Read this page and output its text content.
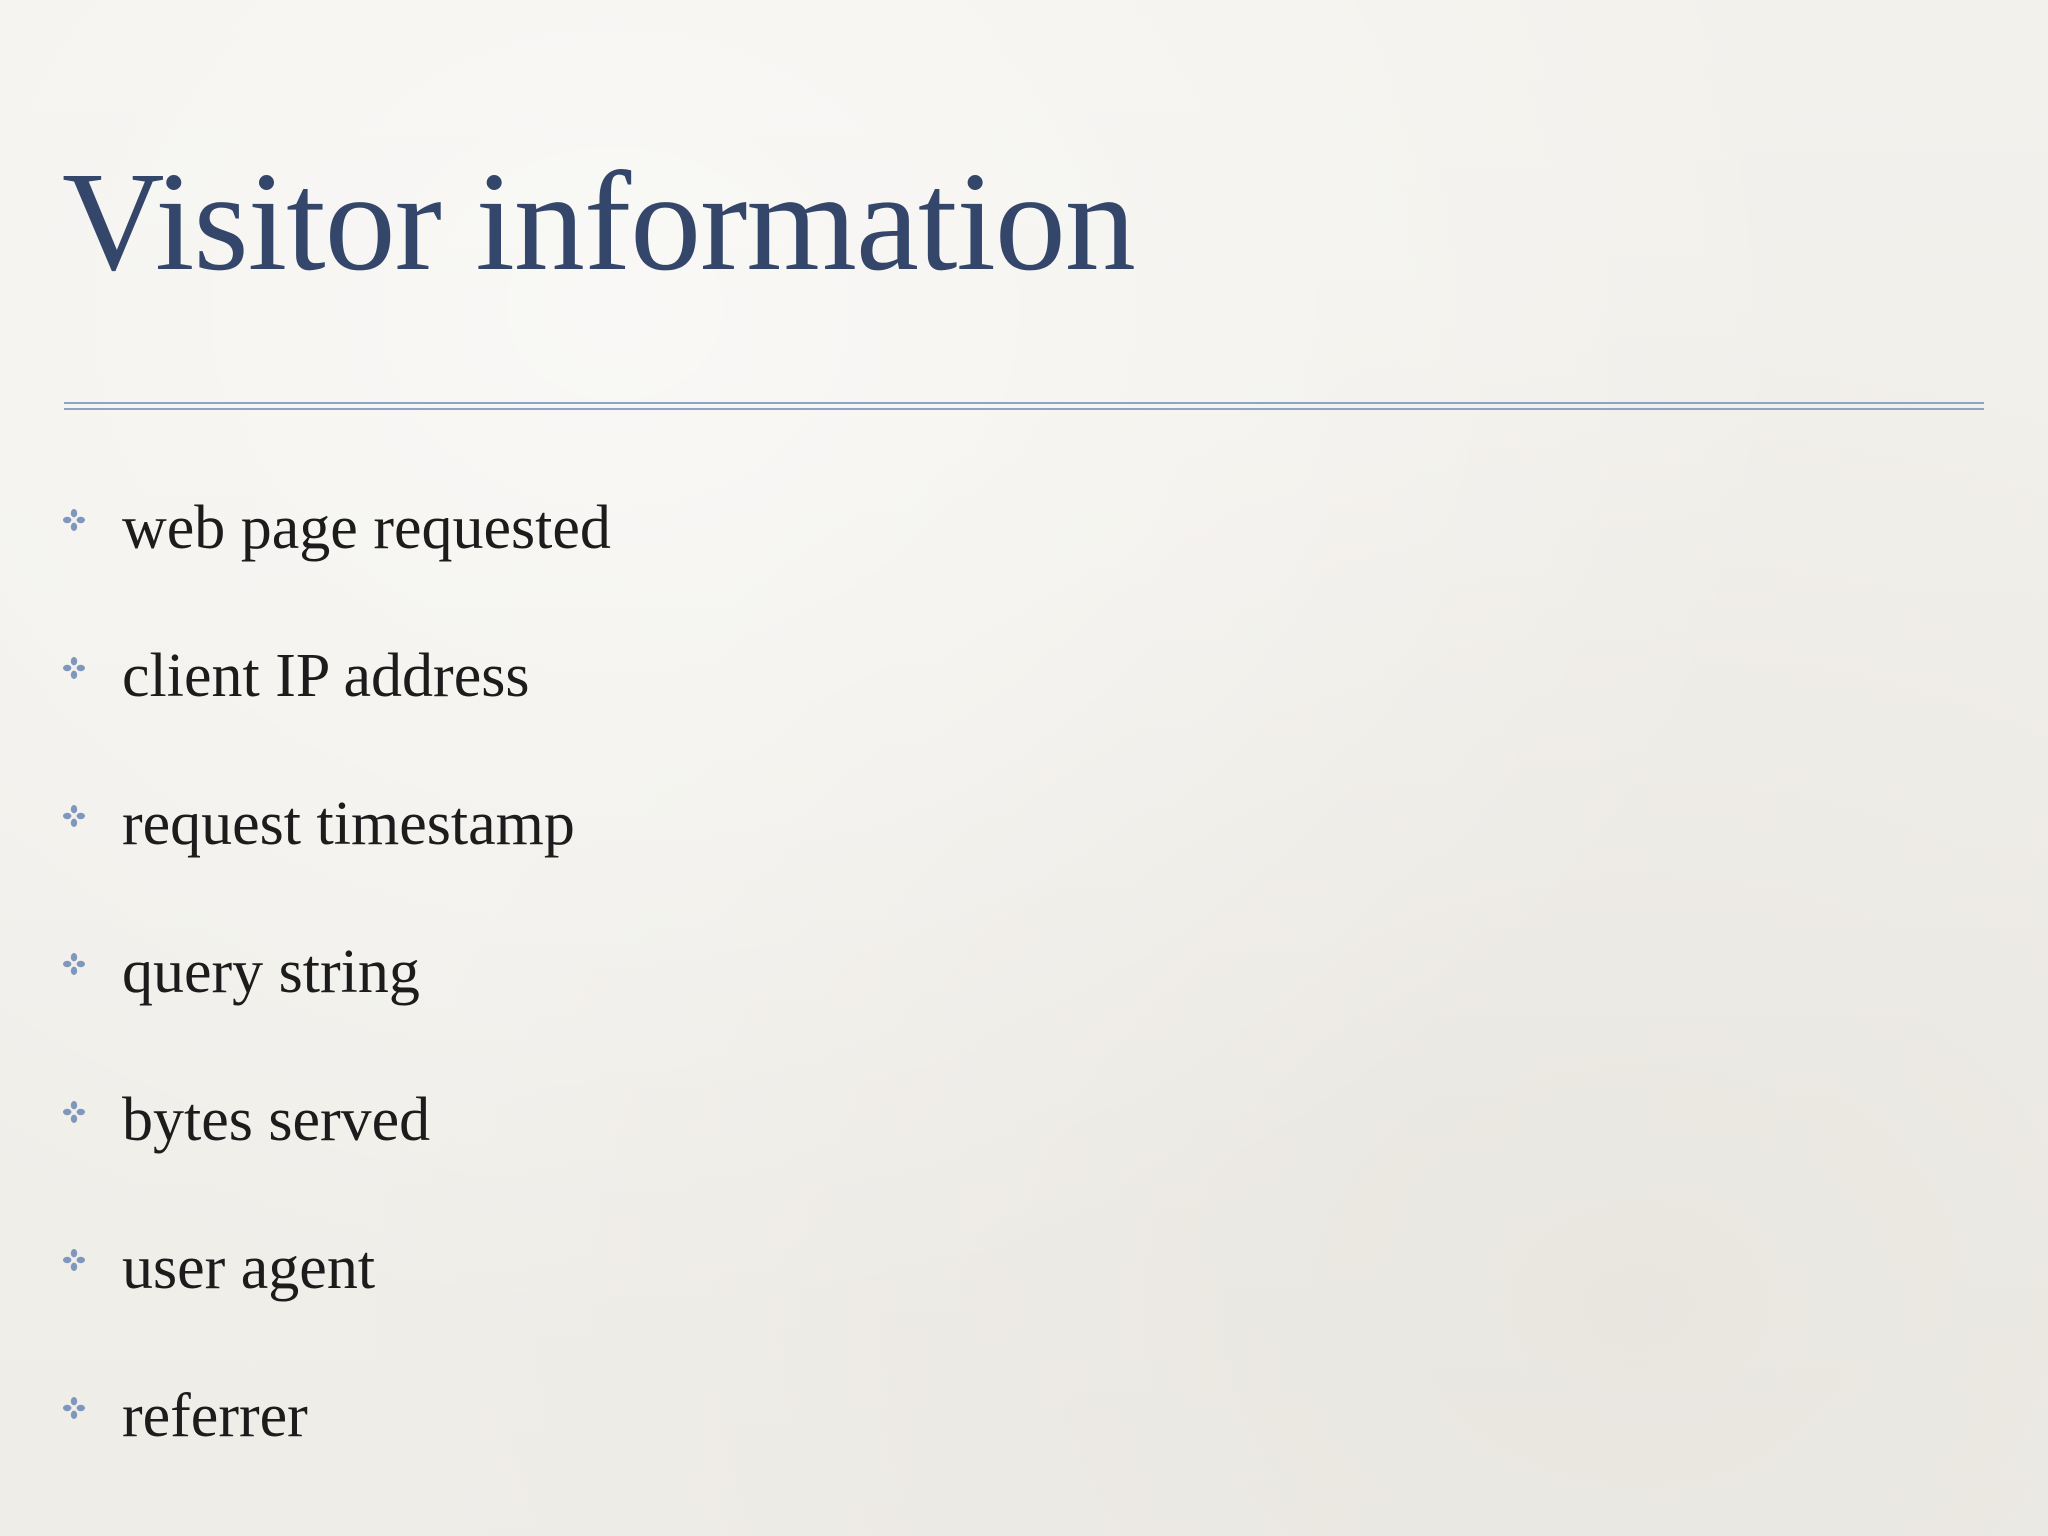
Visitor information
web page requested
client IP address
request timestamp
query string
bytes served
user agent
referrer
